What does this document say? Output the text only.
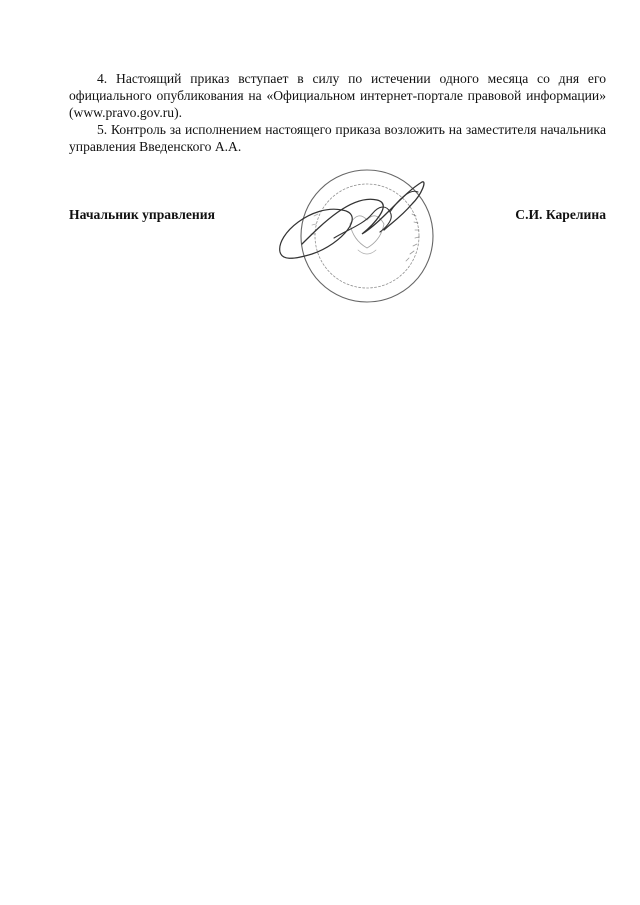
4. Настоящий приказ вступает в силу по истечении одного месяца со дня его официального опубликования на «Официальном интернет-портале правовой информации» (www.pravo.gov.ru).

5. Контроль за исполнением настоящего приказа возложить на заместителя начальника управления Введенского А.А.

Начальник управления	С.И. Карелина
